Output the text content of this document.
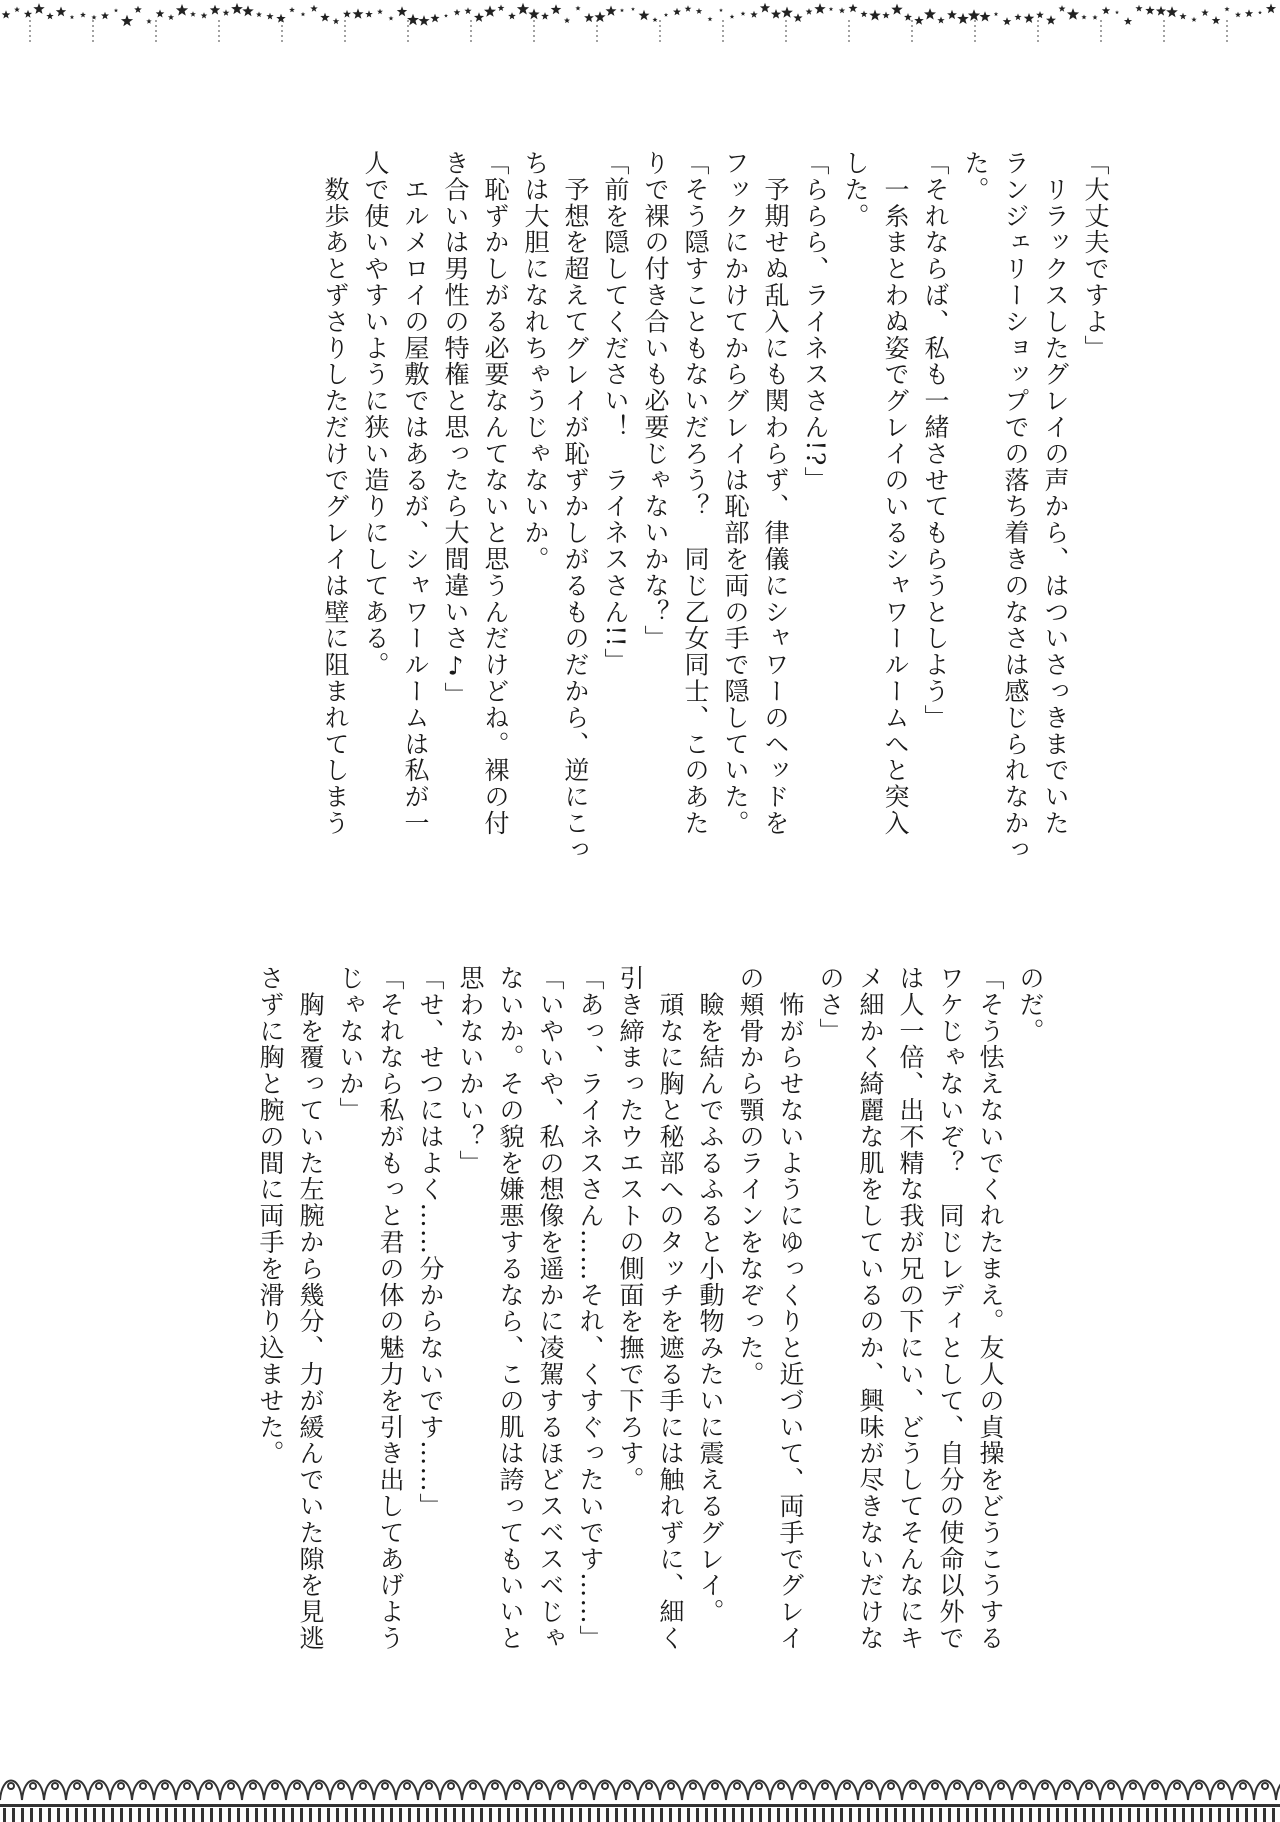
「大丈夫ですよ」
　リラックスしたグレイの声から、はついさっきまでいた
ランジェリーショップでの落ち着きのなさは感じられなかっ
た。
「それならば、私も一緒させてもらうとしよう」
　一糸まとわぬ姿でグレイのいるシャワールームへと突入
した。
「ららら、ライネスさん!?」
　予期せぬ乱入にも関わらず、律儀にシャワーのヘッドを
フックにかけてからグレイは恥部を両の手で隠していた。
「そう隠すこともないだろう？　同じ乙女同士、このあた
りで裸の付き合いも必要じゃないかな？」
「前を隠してください！　ライネスさん!!」
　予想を超えてグレイが恥ずかしがるものだから、逆にこっ
ちは大胆になれちゃうじゃないか。
「恥ずかしがる必要なんてないと思うんだけどね。裸の付
き合いは男性の特権と思ったら大間違いさ♪」
　エルメロイの屋敷ではあるが、シャワールームは私が一
人で使いやすいように狭い造りにしてある。
　数歩あとずさりしただけでグレイは壁に阻まれてしまう
のだ。
「そう怯えないでくれたまえ。友人の貞操をどうこうする
ワケじゃないぞ？　同じレディとして、自分の使命以外で
は人一倍、出不精な我が兄の下にい、どうしてそんなにキ
メ細かく綺麗な肌をしているのか、興味が尽きないだけな
のさ」
　怖がらせないようにゆっくりと近づいて、両手でグレイ
の頬骨から顎のラインをなぞった。
　瞼を結んでふるふると小動物みたいに震えるグレイ。
　頑なに胸と秘部へのタッチを遮る手には触れずに、細く
引き締まったウエストの側面を撫で下ろす。
「あっ、ライネスさん……それ、くすぐったいです……」
「いやいや、私の想像を遥かに凌駕するほどスベスベじゃ
ないか。その貌を嫌悪するなら、この肌は誇ってもいいと
思わないかい？」
「せ、せつにはよく……分からないです……」
「それなら私がもっと君の体の魅力を引き出してあげよう
じゃないか」
　胸を覆っていた左腕から幾分、力が緩んでいた隙を見逃
さずに胸と腕の間に両手を滑り込ませた。
